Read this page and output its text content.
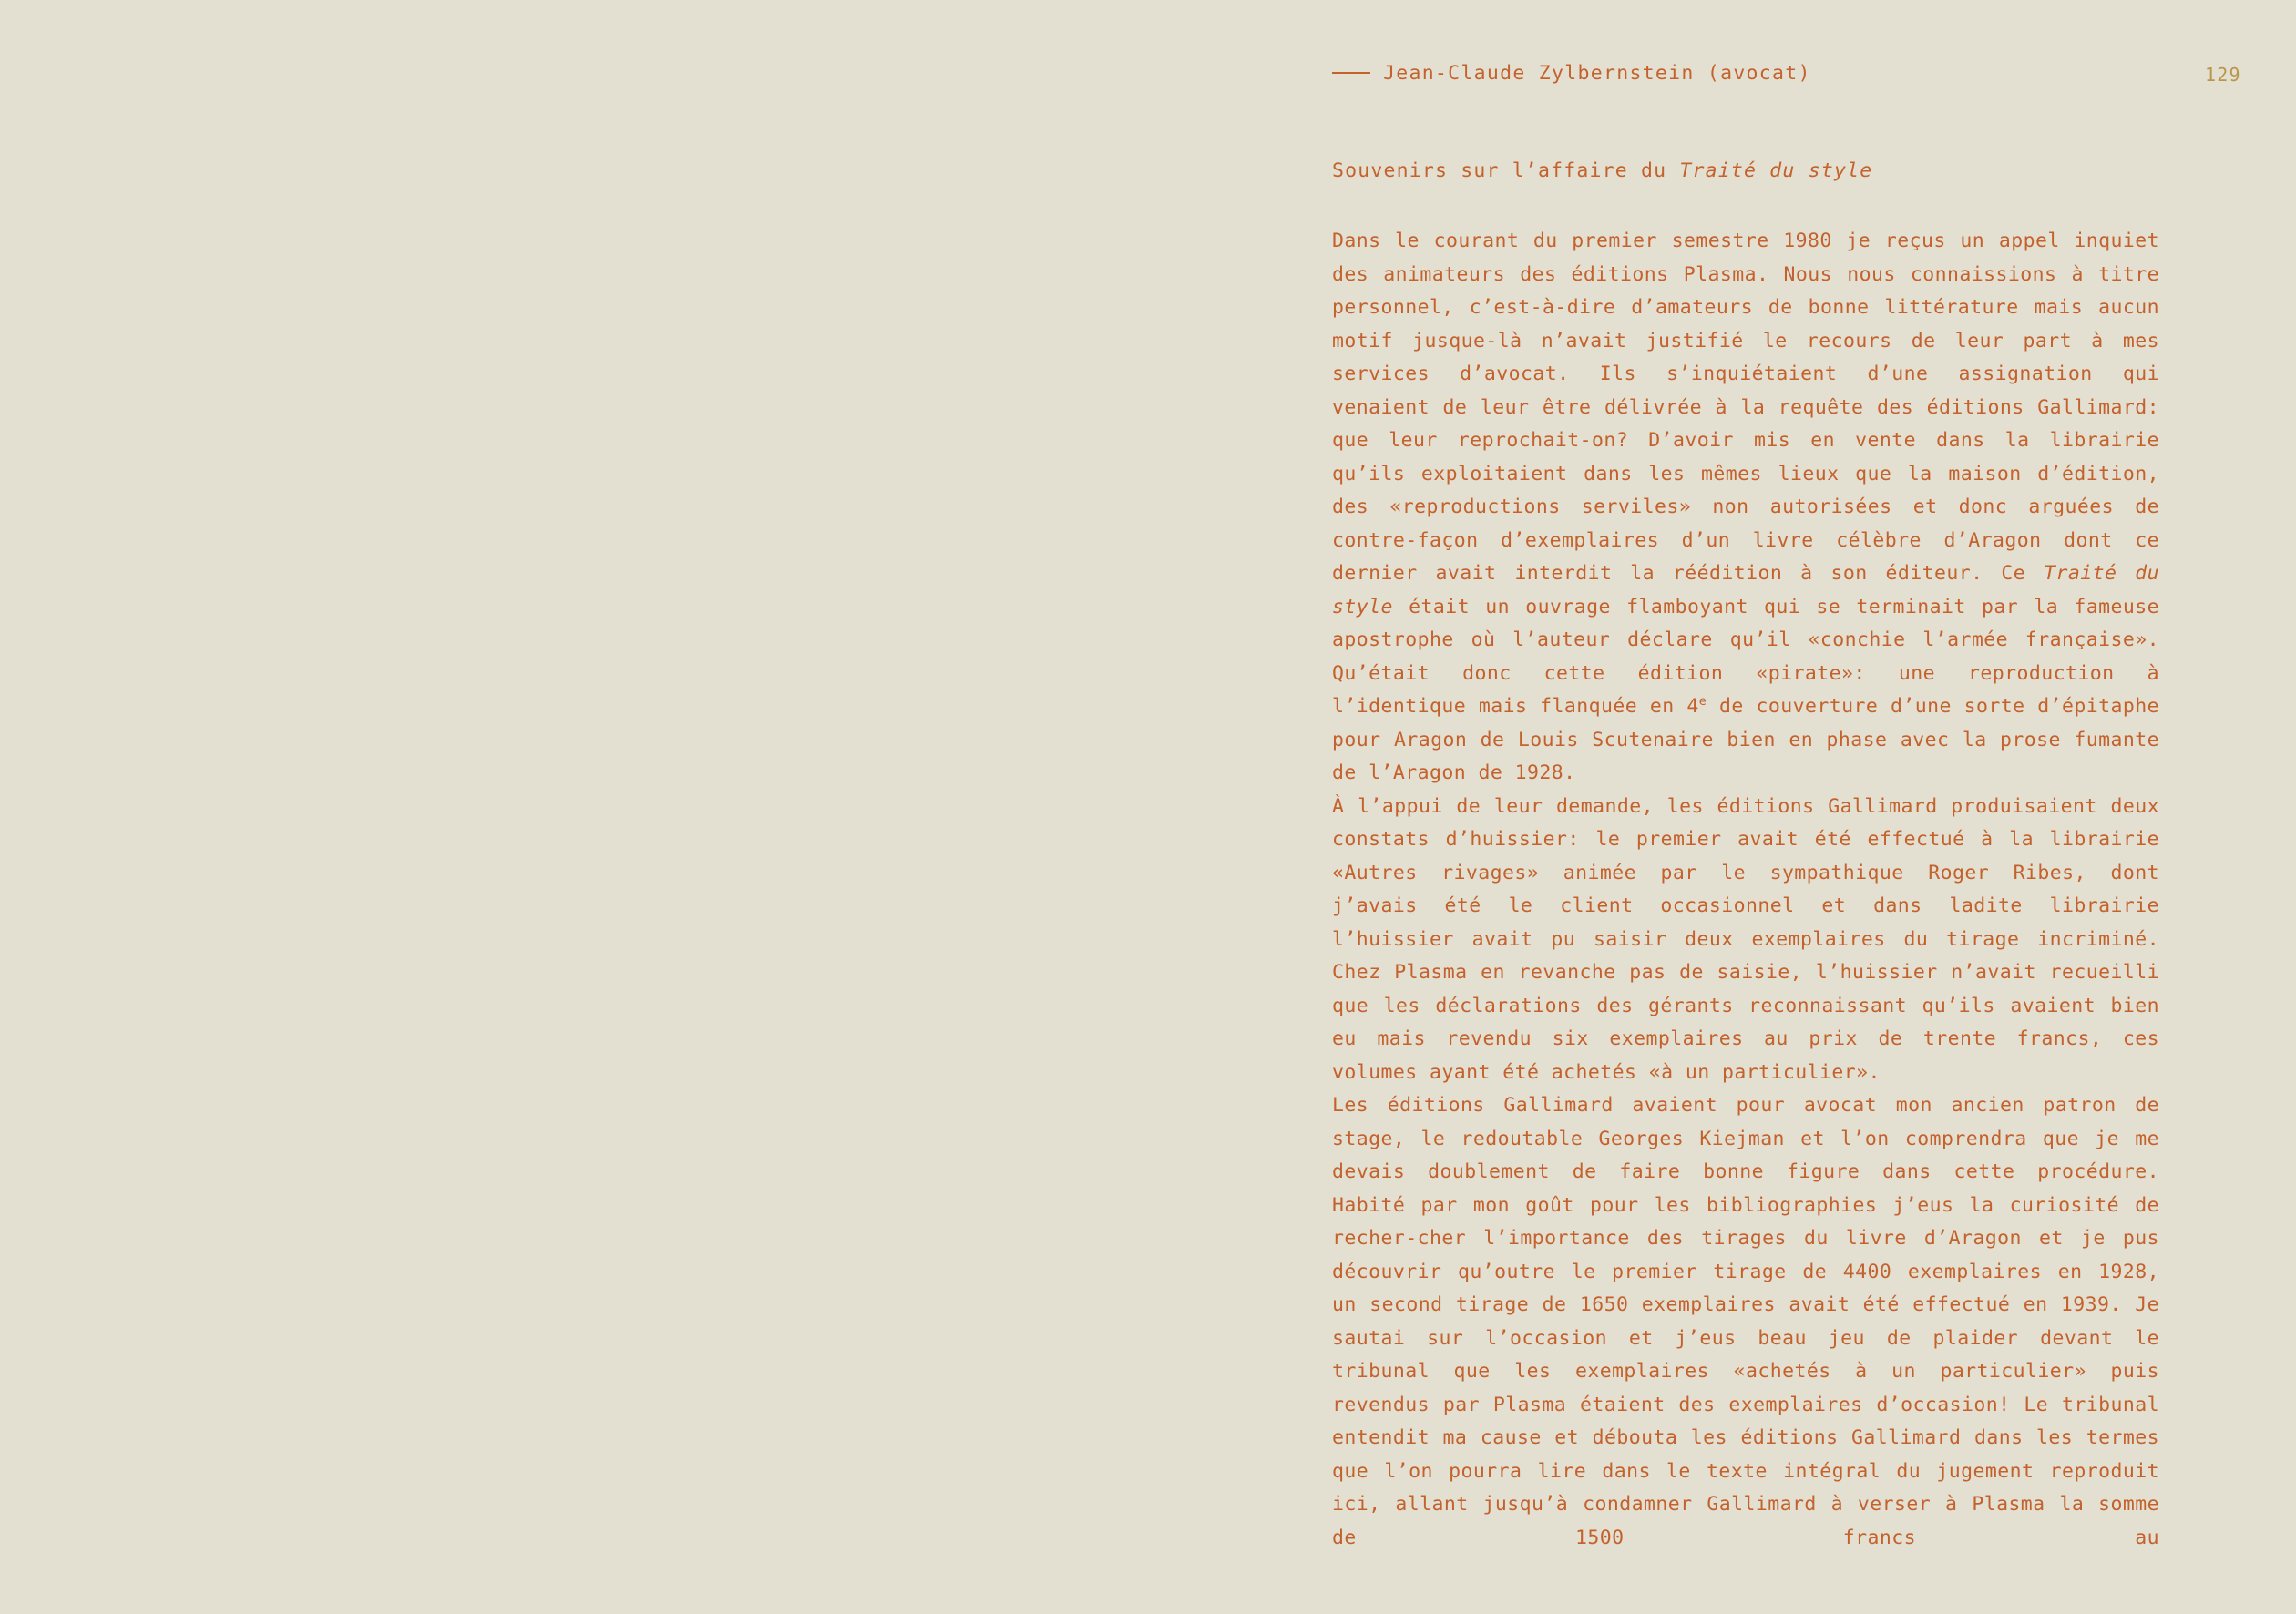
129
Jean-Claude Zylbernstein (avocat)
Souvenirs sur l’affaire du Traité du style

Dans le courant du premier semestre 1980 je reçus un appel inquiet des animateurs des éditions Plasma. Nous nous connaissions à titre personnel, c’est-à-dire d’amateurs de bonne littérature mais aucun motif jusque-là n’avait justifié le recours de leur part à mes services d’avocat. Ils s’inquiétaient d’une assignation qui venaient de leur être délivrée à la requête des éditions Gallimard: que leur reprochait-on? D’avoir mis en vente dans la librairie qu’ils exploitaient dans les mêmes lieux que la maison d’édition, des «reproductions serviles» non autorisées et donc arguées de contre-façon d’exemplaires d’un livre célèbre d’Aragon dont ce dernier avait interdit la réédition à son éditeur. Ce Traité du style était un ouvrage flamboyant qui se terminait par la fameuse apostrophe où l’auteur déclare qu’il «conchie l’armée française». Qu’était donc cette édition «pirate»: une reproduction à l’identique mais flanquée en 4e de couverture d’une sorte d’épitaphe pour Aragon de Louis Scutenaire bien en phase avec la prose fumante de l’Aragon de 1928.

À l’appui de leur demande, les éditions Gallimard produisaient deux constats d’huissier: le premier avait été effectué à la librairie «Autres rivages» animée par le sympathique Roger Ribes, dont j’avais été le client occasionnel et dans ladite librairie l’huissier avait pu saisir deux exemplaires du tirage incriminé. Chez Plasma en revanche pas de saisie, l’huissier n’avait recueilli que les déclarations des gérants reconnaissant qu’ils avaient bien eu mais revendu six exemplaires au prix de trente francs, ces volumes ayant été achetés «à un particulier».

Les éditions Gallimard avaient pour avocat mon ancien patron de stage, le redoutable Georges Kiejman et l’on comprendra que je me devais doublement de faire bonne figure dans cette procédure. Habité par mon goût pour les bibliographies j’eus la curiosité de recher-cher l’importance des tirages du livre d’Aragon et je pus découvrir qu’outre le premier tirage de 4400 exemplaires en 1928, un second tirage de 1650 exemplaires avait été effectué en 1939. Je sautai sur l’occasion et j’eus beau jeu de plaider devant le tribunal que les exemplaires «achetés à un particulier» puis revendus par Plasma étaient des exemplaires d’occasion! Le tribunal entendit ma cause et débouta les éditions Gallimard dans les termes que l’on pourra lire dans le texte intégral du jugement reproduit ici, allant jusqu’à condamner Gallimard à verser à Plasma la somme de 1500 francs au
